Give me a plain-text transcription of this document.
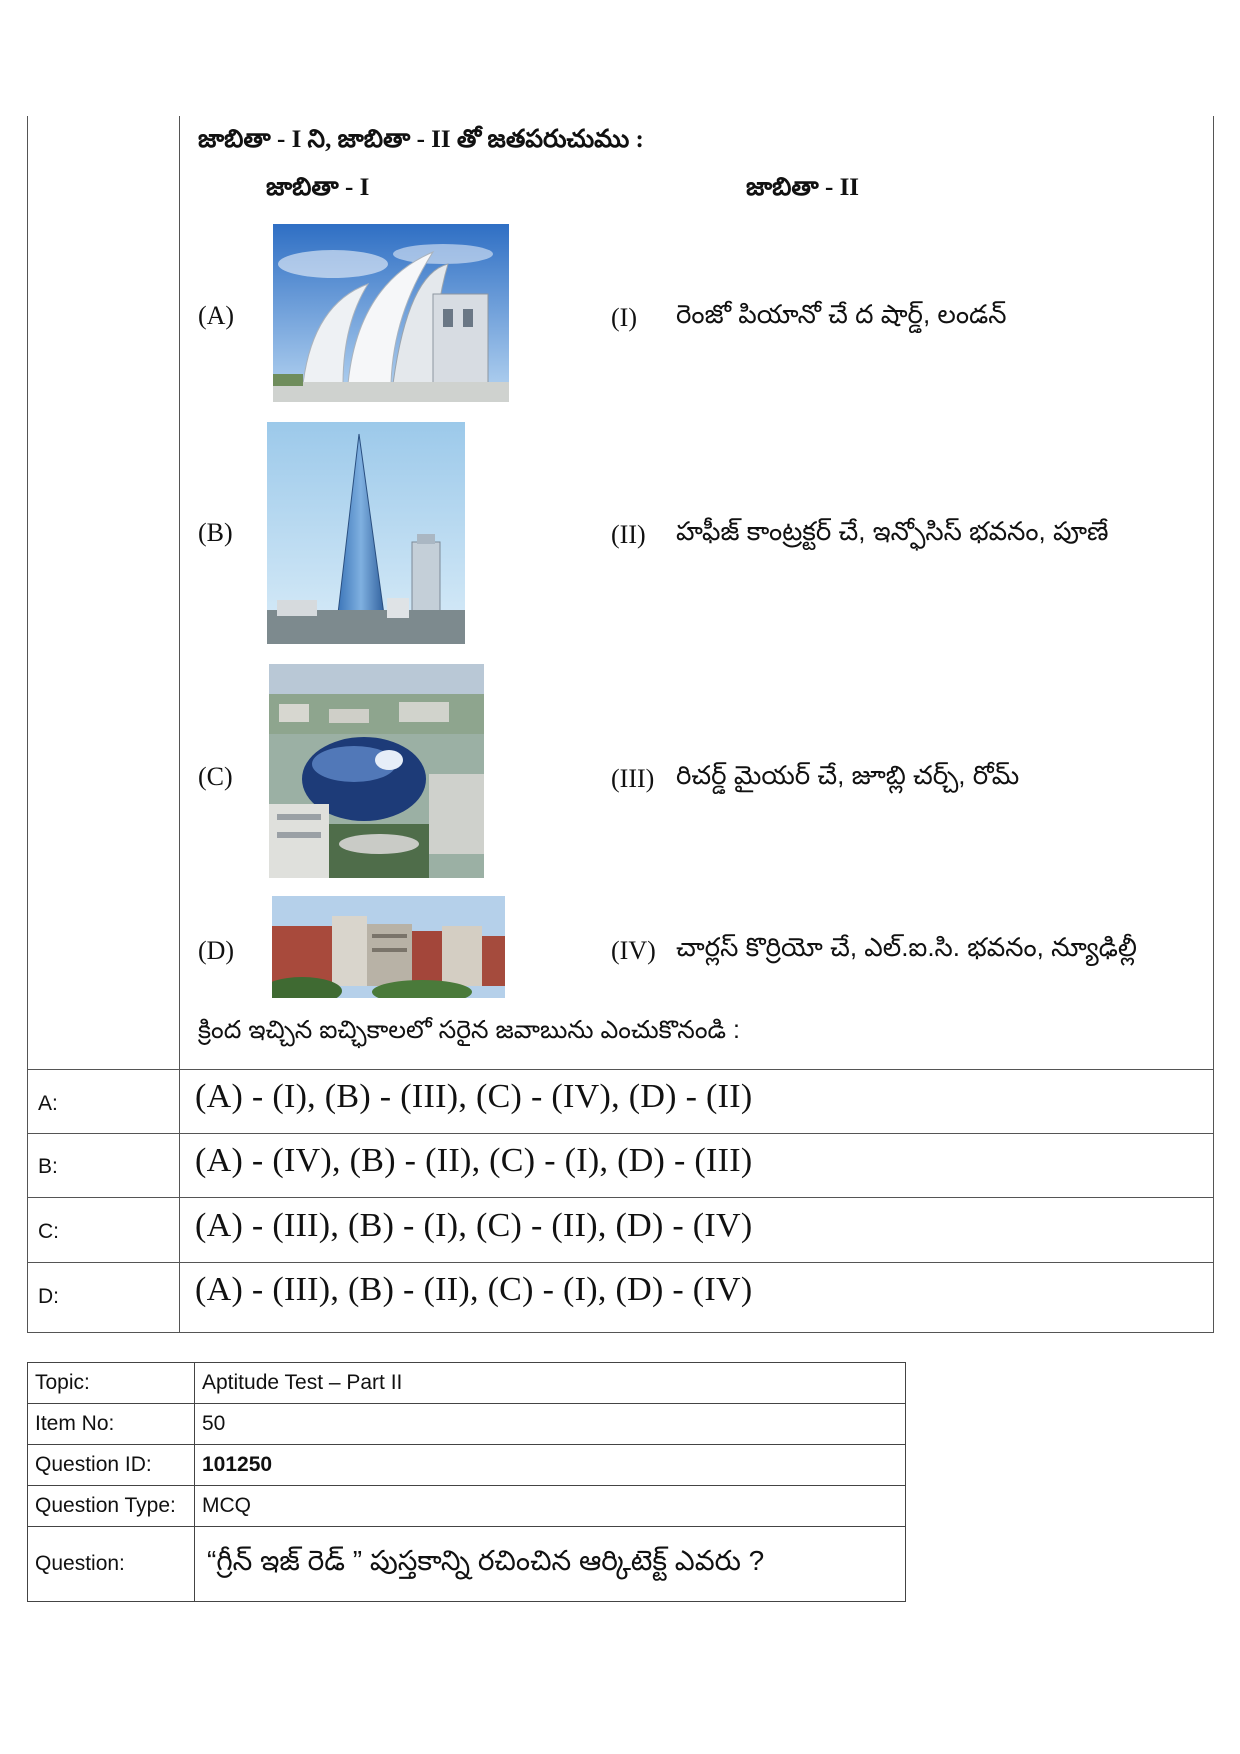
జాబితా - I ని, జాబితా - II తో జతపరుచుము :
జాబితా - I	జాబితా - II
(A)	(I) రెంజో పియానో చే ద షార్డ్, లండన్
(B)	(II) హఫీజ్ కాంట్రక్టర్ చే, ఇన్ఫోసిస్ భవనం, పూణే
(C)	(III) రిచర్డ్ మైయర్ చే, జూబ్లి చర్చ్, రోమ్
(D)	(IV) చార్లస్ కొర్రియో చే, ఎల్.ఐ.సి. భవనం, న్యూఢిల్లీ
క్రింద ఇచ్చిన ఐచ్ఛికాలలో సరైన జవాబును ఎంచుకొనండి :
A:	(A) - (I), (B) - (III), (C) - (IV), (D) - (II)
B:	(A) - (IV), (B) - (II), (C) - (I), (D) - (III)
C:	(A) - (III), (B) - (I), (C) - (II), (D) - (IV)
D:	(A) - (III), (B) - (II), (C) - (I), (D) - (IV)
Topic:	Aptitude Test – Part II
Item No:	50
Question ID:	101250
Question Type:	MCQ
Question:	“గ్రీన్ ఇజ్ రెడ్ ” పుస్తకాన్ని రచించిన ఆర్కిటెక్ట్ ఎవరు ?
